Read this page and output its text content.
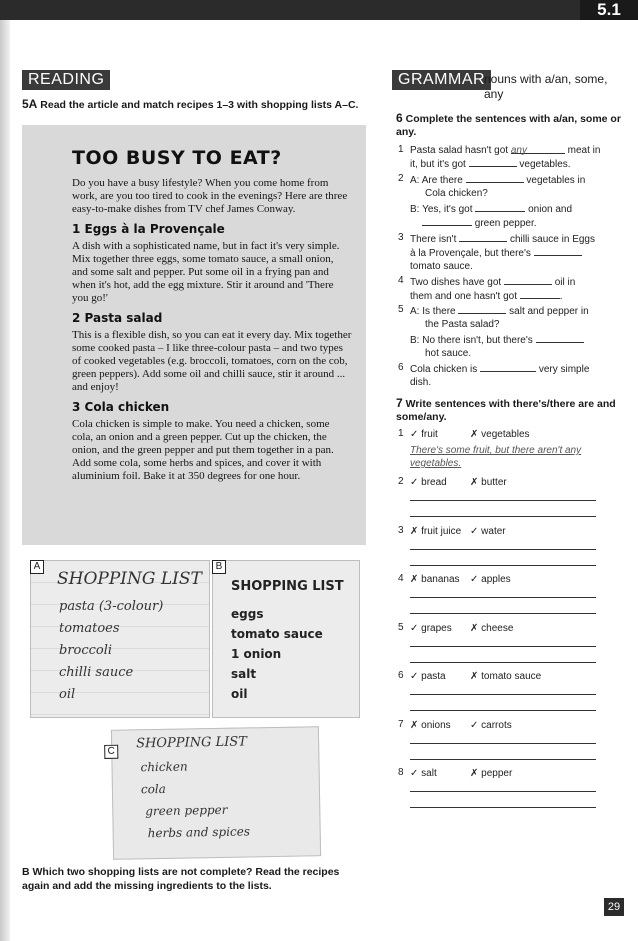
5.1
READING
5A Read the article and match recipes 1–3 with shopping lists A–C.
TOO BUSY TO EAT?
Do you have a busy lifestyle? When you come home from work, are you too tired to cook in the evenings? Here are three easy-to-make dishes from TV chef James Conway.
1 Eggs à la Provençale
A dish with a sophisticated name, but in fact it's very simple. Mix together three eggs, some tomato sauce, a small onion, and some salt and pepper. Put some oil in a frying pan and when it's hot, add the egg mixture. Stir it around and 'There you go!'
2 Pasta salad
This is a flexible dish, so you can eat it every day. Mix together some cooked pasta – I like three-colour pasta – and two types of cooked vegetables (e.g. broccoli, tomatoes, corn on the cob, green peppers). Add some oil and chilli sauce, stir it around ... and enjoy!
3 Cola chicken
Cola chicken is simple to make. You need a chicken, some cola, an onion and a green pepper. Cut up the chicken, the onion, and the green pepper and put them together in a pan. Add some cola, some herbs and spices, and cover it with aluminium foil. Bake it at 350 degrees for one hour.
A
SHOPPING LIST
pasta (3-colour)
tomatoes
broccoli
chilli sauce
oil
B
SHOPPING LIST
eggs
tomato sauce
1 onion
salt
oil
C SHOPPING LIST
chicken
cola
green pepper
herbs and spices
B Which two shopping lists are not complete? Read the recipes again and add the missing ingredients to the lists.
GRAMMAR
nouns with a/an, some, any
6 Complete the sentences with a/an, some or any.
1 Pasta salad hasn't got any	meat in
it, but it's got	vegetables.
2 A: Are there	vegetables in
Cola chicken?
B: Yes, it's got	onion and
green pepper.
3 There isn't	chilli sauce in Eggs
à la Provençale, but there's
tomato sauce.
4 Two dishes have got	oil in
them and one hasn't got	.
5 A: Is there	salt and pepper in
the Pasta salad?
B: No there isn't, but there's
hot sauce.
6 Cola chicken is	very simple
dish.
7 Write sentences with there's/there are and some/any.
1 ✓ fruit	✗ vegetables
There's some fruit, but there aren't any vegetables.
2 ✓ bread ✗ butter
3 ✗ fruit juice ✓ water
4 ✗ bananas ✓ apples
5 ✓ grapes ✗ cheese
6 ✓ pasta ✗ tomato sauce
7 ✗ onions ✓ carrots
8 ✓ salt	✗ pepper
29
